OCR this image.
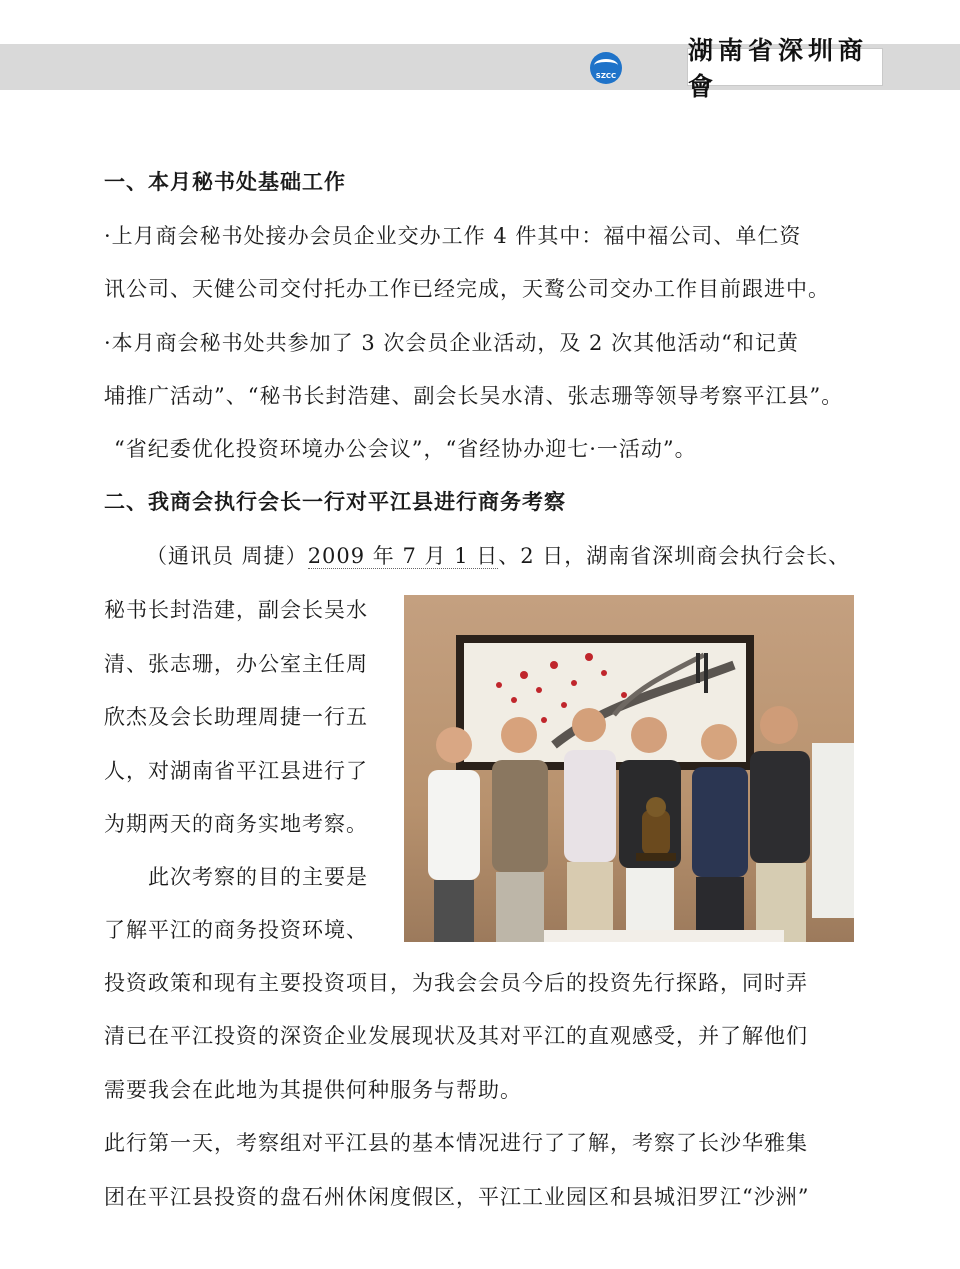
SZCC
湖南省深圳商會
一、本月秘书处基础工作
·上月商会秘书处接办会员企业交办工作 4 件其中：福中福公司、单仁资
讯公司、天健公司交付托办工作已经完成，天鹜公司交办工作目前跟进中。
·本月商会秘书处共参加了 3 次会员企业活动，及 2 次其他活动“和记黄
埔推广活动”、“秘书长封浩建、副会长吴水清、张志珊等领导考察平江县”。
“省纪委优化投资环境办公会议”，“省经协办迎七·一活动”。
二、我商会执行会长一行对平江县进行商务考察
（通讯员 周捷）2009 年 7 月 1 日、2 日，湖南省深圳商会执行会长、
秘书长封浩建，副会长吴水
清、张志珊，办公室主任周
欣杰及会长助理周捷一行五
人，对湖南省平江县进行了
为期两天的商务实地考察。
此次考察的目的主要是
了解平江的商务投资环境、
投资政策和现有主要投资项目，为我会会员今后的投资先行探路，同时弄
清已在平江投资的深资企业发展现状及其对平江的直观感受，并了解他们
需要我会在此地为其提供何种服务与帮助。
此行第一天，考察组对平江县的基本情况进行了了解，考察了长沙华雅集
团在平江县投资的盘石州休闲度假区，平江工业园区和县城汨罗江“沙洲”
